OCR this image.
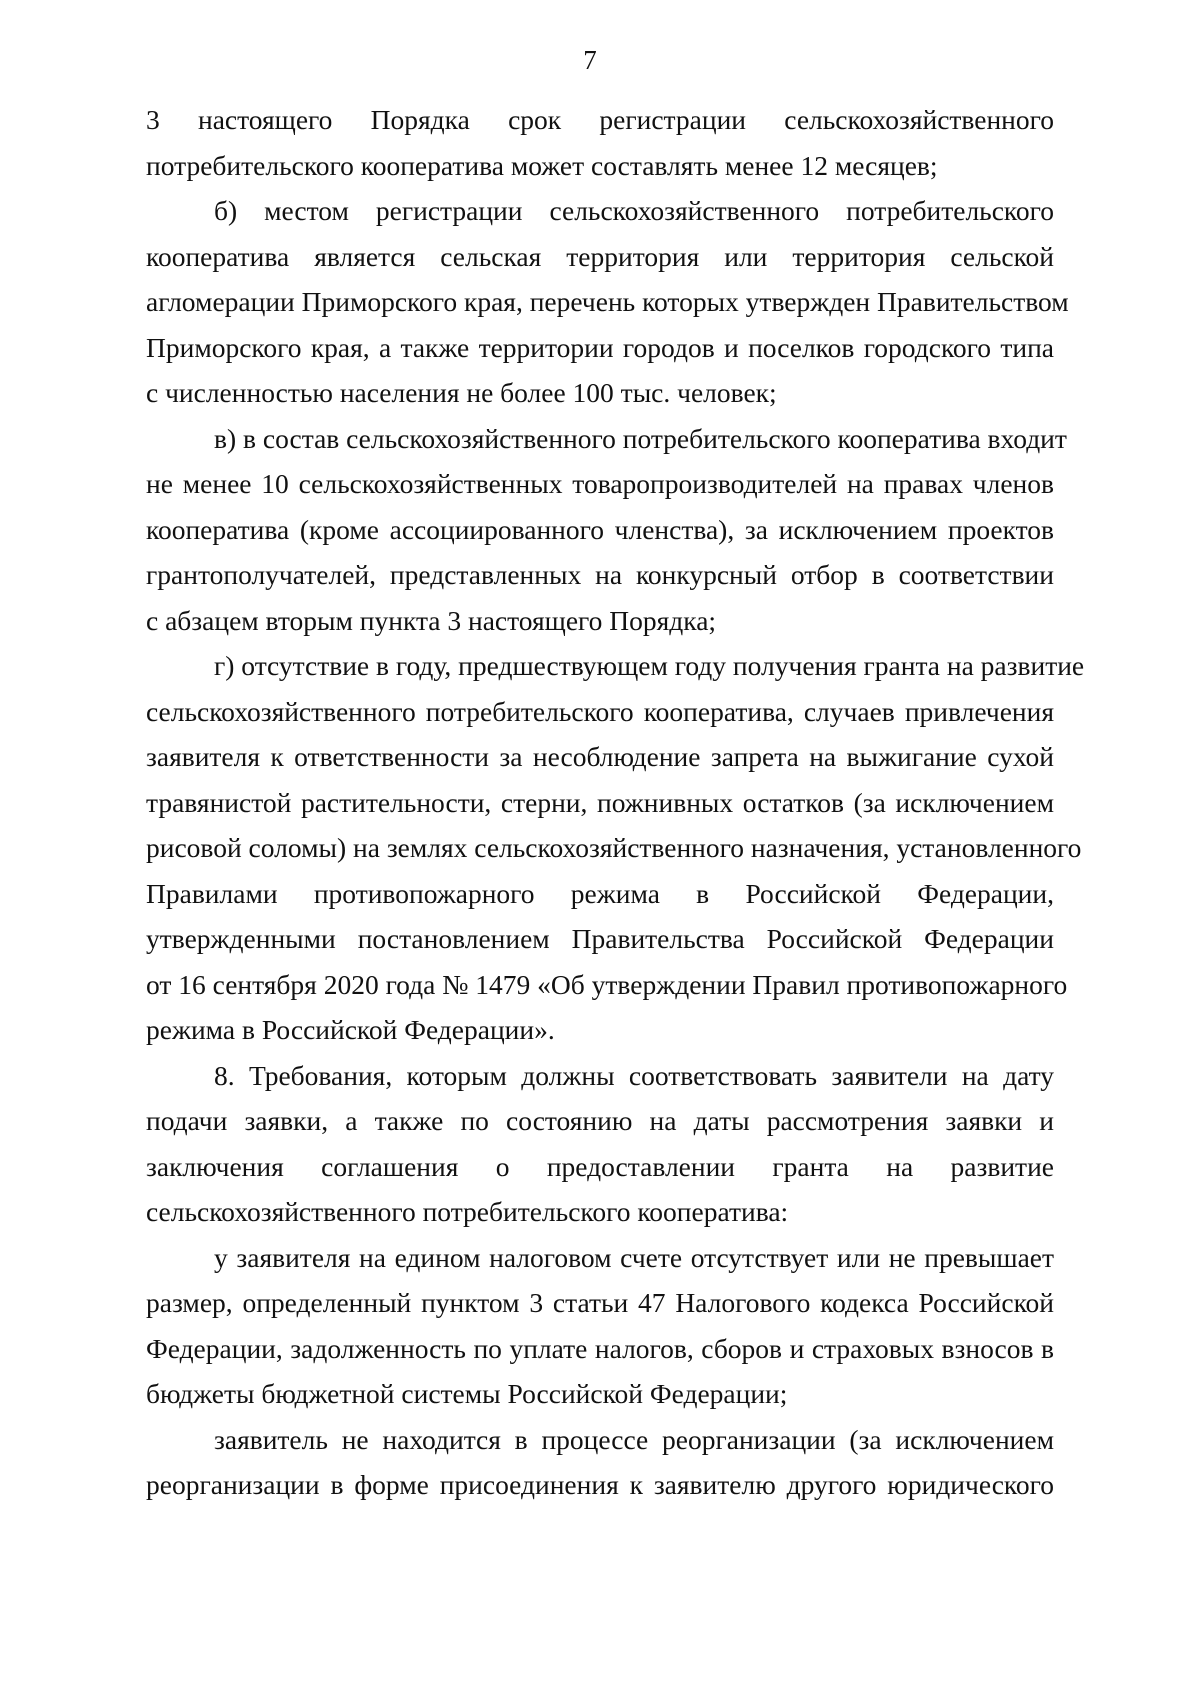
7
3 настоящего Порядка срок регистрации сельскохозяйственного
потребительского кооператива может составлять менее 12 месяцев;
б) местом регистрации сельскохозяйственного потребительского
кооператива является сельская территория или территория сельской
агломерации Приморского края, перечень которых утвержден Правительством
Приморского края, а также территории городов и поселков городского типа
с численностью населения не более 100 тыс. человек;
в) в состав сельскохозяйственного потребительского кооператива входит
не менее 10 сельскохозяйственных товаропроизводителей на правах членов
кооператива (кроме ассоциированного членства), за исключением проектов
грантополучателей, представленных на конкурсный отбор в соответствии
с абзацем вторым пункта 3 настоящего Порядка;
г) отсутствие в году, предшествующем году получения гранта на развитие
сельскохозяйственного потребительского кооператива, случаев привлечения
заявителя к ответственности за несоблюдение запрета на выжигание сухой
травянистой растительности, стерни, пожнивных остатков (за исключением
рисовой соломы) на землях сельскохозяйственного назначения, установленного
Правилами противопожарного режима в Российской Федерации,
утвержденными постановлением Правительства Российской Федерации
от 16 сентября 2020 года № 1479 «Об утверждении Правил противопожарного
режима в Российской Федерации».
8. Требования, которым должны соответствовать заявители на дату
подачи заявки, а также по состоянию на даты рассмотрения заявки и
заключения соглашения о предоставлении гранта на развитие
сельскохозяйственного потребительского кооператива:
у заявителя на едином налоговом счете отсутствует или не превышает
размер, определенный пунктом 3 статьи 47 Налогового кодекса Российской
Федерации, задолженность по уплате налогов, сборов и страховых взносов в
бюджеты бюджетной системы Российской Федерации;
заявитель не находится в процессе реорганизации (за исключением
реорганизации в форме присоединения к заявителю другого юридического
